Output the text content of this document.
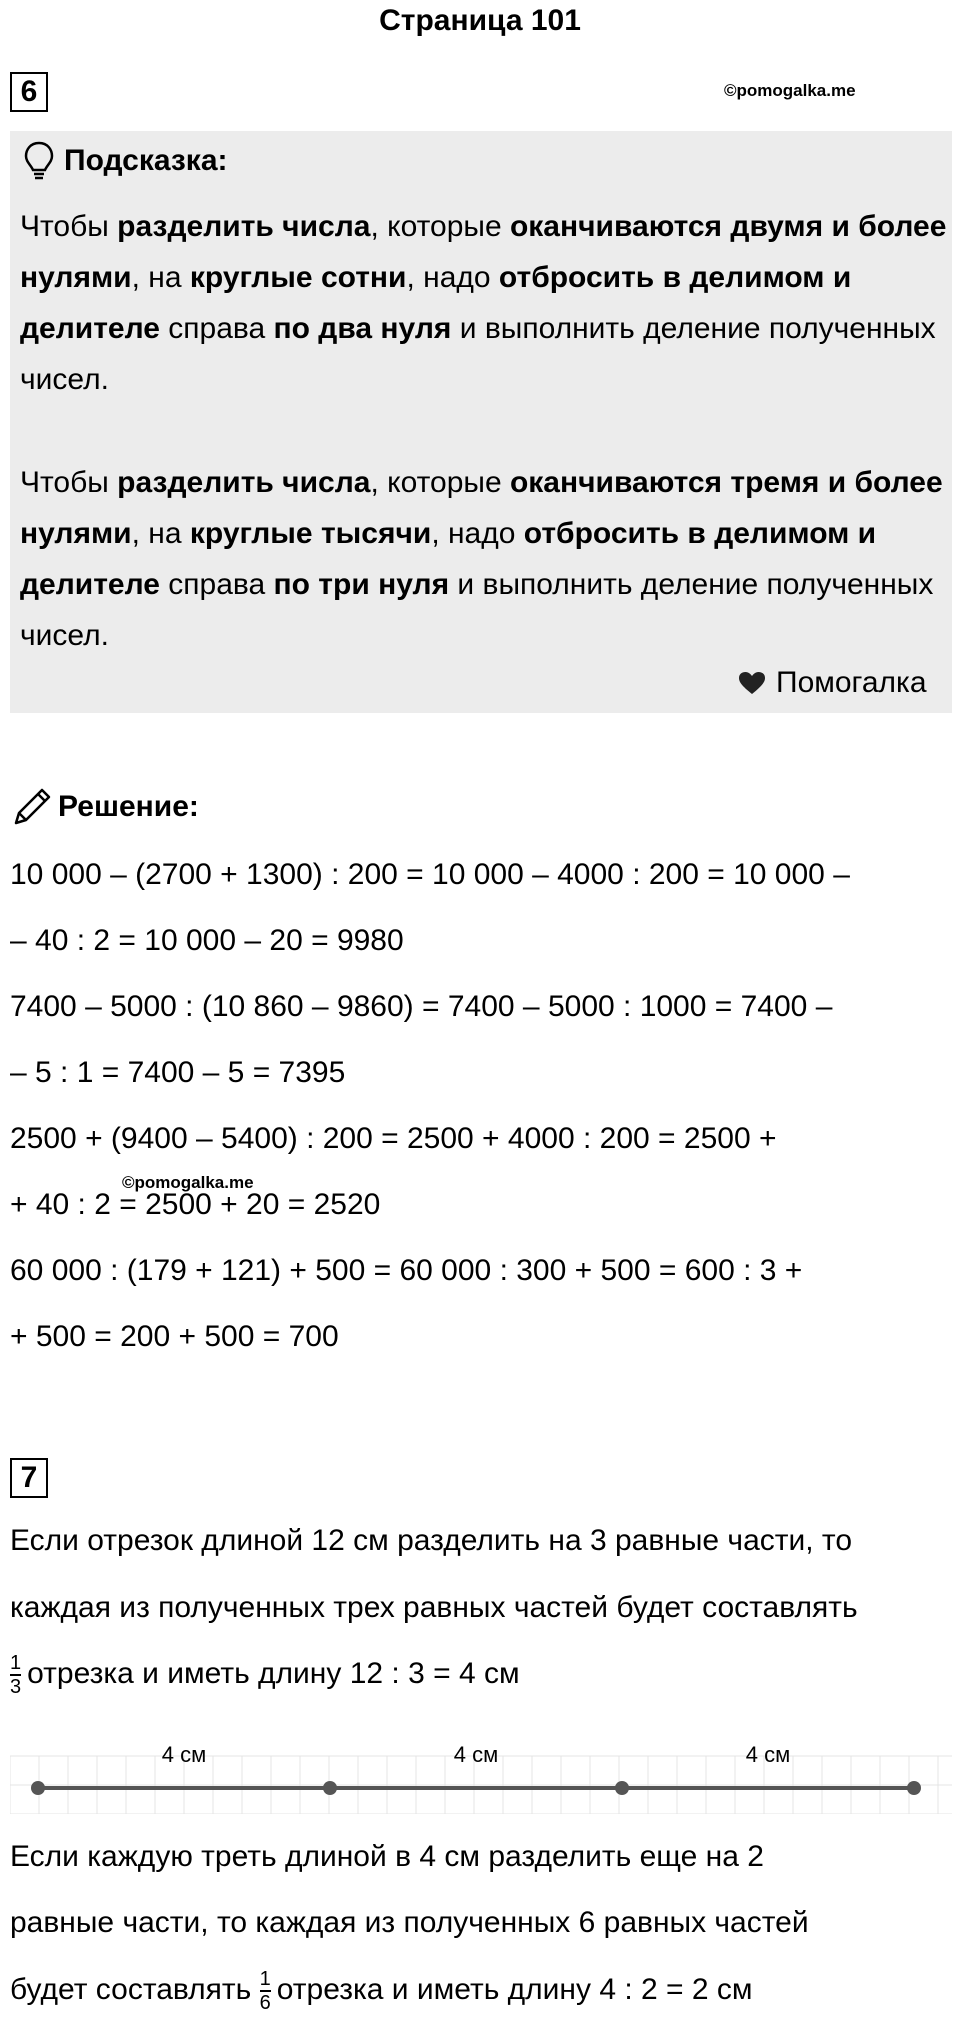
Страница 101
6	©pomogalka.me
Подсказка:
Чтобы разделить числа, которые оканчиваются двумя и более нулями, на круглые сотни, надо отбросить в делимом и делителе справа по два нуля и выполнить деление полученных чисел.
Чтобы разделить числа, которые оканчиваются тремя и более нулями, на круглые тысячи, надо отбросить в делимом и делителе справа по три нуля и выполнить деление полученных чисел.
Помогалка
Решение:
10 000 – (2700 + 1300) : 200 = 10 000 – 4000 : 200 = 10 000 –
– 40 : 2 = 10 000 – 20 = 9980
7400 – 5000 : (10 860 – 9860) = 7400 – 5000 : 1000 = 7400 –
– 5 : 1 = 7400 – 5 = 7395
2500 + (9400 – 5400) : 200 = 2500 + 4000 : 200 = 2500 +
©pomogalka.me
+ 40 : 2 = 2500 + 20 = 2520
60 000 : (179 + 121) + 500 = 60 000 : 300 + 500 = 600 : 3 +
+ 500 = 200 + 500 = 700
7
Если отрезок длиной 12 см разделить на 3 равные части, то
каждая из полученных трех равных частей будет составлять
$\frac{1}{3}$ отрезка и иметь длину 12 : 3 = 4 см
4 см	4 см	4 см
Если каждую треть длиной в 4 см разделить еще на 2
равные части, то каждая из полученных 6 равных частей
будет составлять $\frac{1}{6}$ отрезка и иметь длину 4 : 2 = 2 см
